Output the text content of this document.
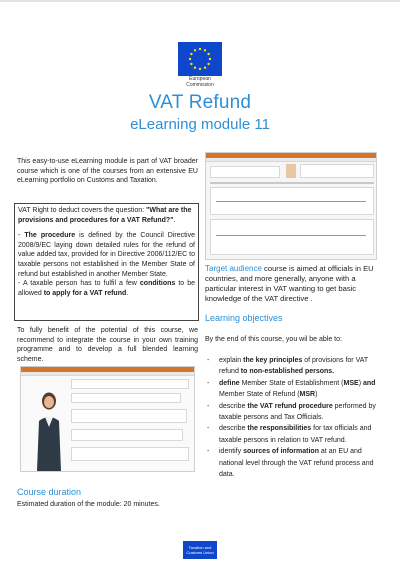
European
Commission
VAT Refund
eLearning module 11

This easy-to-use eLearning module is part of VAT broader course which is one of the courses from an extensive EU eLearning portfolio on Customs and Taxation.

VAT Right to deduct covers the question: "What are the provisions and procedures for a VAT Refund?".

- The procedure is defined by the Council Directive 2008/9/EC laying down detailed rules for the refund of value added tax, provided for in Directive 2006/112/EC to taxable persons not established in the Member State of refund but established in another Member State.

- A taxable person has to fulfil a few conditions to be allowed to apply for a VAT refund.

To fully benefit of the potential of this course, we recommend to integrate the course in your own training programme and to develop a full blended learning scheme.

Target audience course is aimed at officials in EU countries, and more generally, anyone with a particular interest in VAT wanting to get basic knowledge of the VAT directive .

Learning objectives

By the end of this course, you wil be able to:

- explain the key principles of provisions for VAT refund to non-established persons.
- define Member State of Establishment (MSE) and Member State of Refund (MSR)
- describe the VAT refund procedure performed by taxable persons and Tax Officials.
- describe the responsibilities for tax officials and taxable persons in relation to VAT refund.
- identify sources of information at an EU and national level through the VAT refund process and data.
Course duration
Estimated duration of the module: 20 minutes.
Taxation and
Customs Union
